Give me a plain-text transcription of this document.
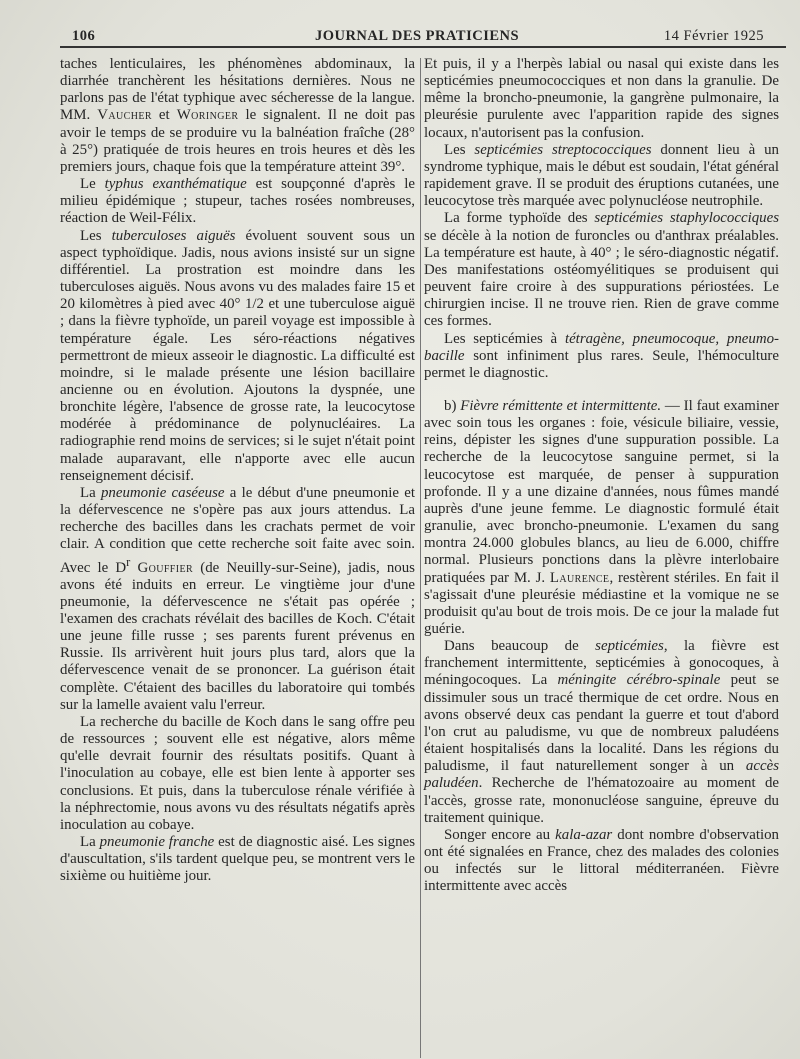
106	JOURNAL DES PRATICIENS	14 Février 1925

taches lenticulaires, les phénomènes abdominaux, la diarrhée tranchèrent les hésitations dernières. Nous ne parlons pas de l'état typhique avec sécheresse de la langue. MM. Vaucher et Woringer le signalent. Il ne doit pas avoir le temps de se produire vu la balnéation fraîche (28° à 25°) pratiquée de trois heures en trois heures et dès les premiers jours, chaque fois que la température atteint 39°.

Le typhus exanthématique est soupçonné d'après le milieu épidémique ; stupeur, taches rosées nombreuses, réaction de Weil-Félix.

Les tuberculoses aiguës évoluent souvent sous un aspect typhoïdique. Jadis, nous avions insisté sur un signe différentiel. La prostration est moindre dans les tuberculoses aiguës. Nous avons vu des malades faire 15 et 20 kilomètres à pied avec 40° 1/2 et une tuberculose aiguë ; dans la fièvre typhoïde, un pareil voyage est impossible à température égale. Les séro-réactions négatives permettront de mieux asseoir le diagnostic. La difficulté est moindre, si le malade présente une lésion bacillaire ancienne ou en évolution. Ajoutons la dyspnée, une bronchite légère, l'absence de grosse rate, la leucocytose modérée à prédominance de polynucléaires. La radiographie rend moins de services; si le sujet n'était point malade auparavant, elle n'apporte avec elle aucun renseignement décisif.

La pneumonie caséeuse a le début d'une pneumonie et la défervescence ne s'opère pas aux jours attendus. La recherche des bacilles dans les crachats permet de voir clair. A condition que cette recherche soit faite avec soin. Avec le $D^r$ Gouffier (de Neuilly-sur-Seine), jadis, nous avons été induits en erreur. Le vingtième jour d'une pneumonie, la défervescence ne s'était pas opérée ; l'examen des crachats révélait des bacilles de Koch. C'était une jeune fille russe ; ses parents furent prévenus en Russie. Ils arrivèrent huit jours plus tard, alors que la défervescence venait de se prononcer. La guérison était complète. C'étaient des bacilles du laboratoire qui tombés sur la lamelle avaient valu l'erreur.

La recherche du bacille de Koch dans le sang offre peu de ressources ; souvent elle est négative, alors même qu'elle devrait fournir des résultats positifs. Quant à l'inoculation au cobaye, elle est bien lente à apporter ses conclusions. Et puis, dans la tuberculose rénale vérifiée à la néphrectomie, nous avons vu des résultats négatifs après inoculation au cobaye.

La pneumonie franche est de diagnostic aisé. Les signes d'auscultation, s'ils tardent quelque peu, se montrent vers le sixième ou huitième jour.

Et puis, il y a l'herpès labial ou nasal qui existe dans les septicémies pneumococciques et non dans la granulie. De même la broncho-pneumonie, la gangrène pulmonaire, la pleurésie purulente avec l'apparition rapide des signes locaux, n'autorisent pas la confusion.

Les septicémies streptococciques donnent lieu à un syndrome typhique, mais le début est soudain, l'état général rapidement grave. Il se produit des éruptions cutanées, une leucocytose très marquée avec polynucléose neutrophile.

La forme typhoïde des septicémies staphylococciques se décèle à la notion de furoncles ou d'anthrax préalables. La température est haute, à 40° ; le séro-diagnostic négatif. Des manifestations ostéomyélitiques se produisent qui peuvent faire croire à des suppurations périostées. Le chirurgien incise. Il ne trouve rien. Rien de grave comme ces formes.

Les septicémies à tétragène, pneumocoque, pneumo-bacille sont infiniment plus rares. Seule, l'hémoculture permet le diagnostic.

b) Fièvre rémittente et intermittente. — Il faut examiner avec soin tous les organes : foie, vésicule biliaire, vessie, reins, dépister les signes d'une suppuration possible. La recherche de la leucocytose sanguine permet, si la leucocytose est marquée, de penser à suppuration profonde. Il y a une dizaine d'années, nous fûmes mandé auprès d'une jeune femme. Le diagnostic formulé était granulie, avec broncho-pneumonie. L'examen du sang montra 24.000 globules blancs, au lieu de 6.000, chiffre normal. Plusieurs ponctions dans la plèvre interlobaire pratiquées par M. J. Laurence, restèrent stériles. En fait il s'agissait d'une pleurésie médiastine et la vomique ne se produisit qu'au bout de trois mois. De ce jour la malade fut guérie.

Dans beaucoup de septicémies, la fièvre est franchement intermittente, septicémies à gonocoques, à méningocoques. La méningite cérébro-spinale peut se dissimuler sous un tracé thermique de cet ordre. Nous en avons observé deux cas pendant la guerre et tout d'abord l'on crut au paludisme, vu que de nombreux paludéens étaient hospitalisés dans la localité. Dans les régions du paludisme, il faut naturellement songer à un accès paludéen. Recherche de l'hématozoaire au moment de l'accès, grosse rate, mononucléose sanguine, épreuve du traitement quinique.

Songer encore au kala-azar dont nombre d'observation ont été signalées en France, chez des malades des colonies ou infectés sur le littoral méditerranéen. Fièvre intermittente avec accès
